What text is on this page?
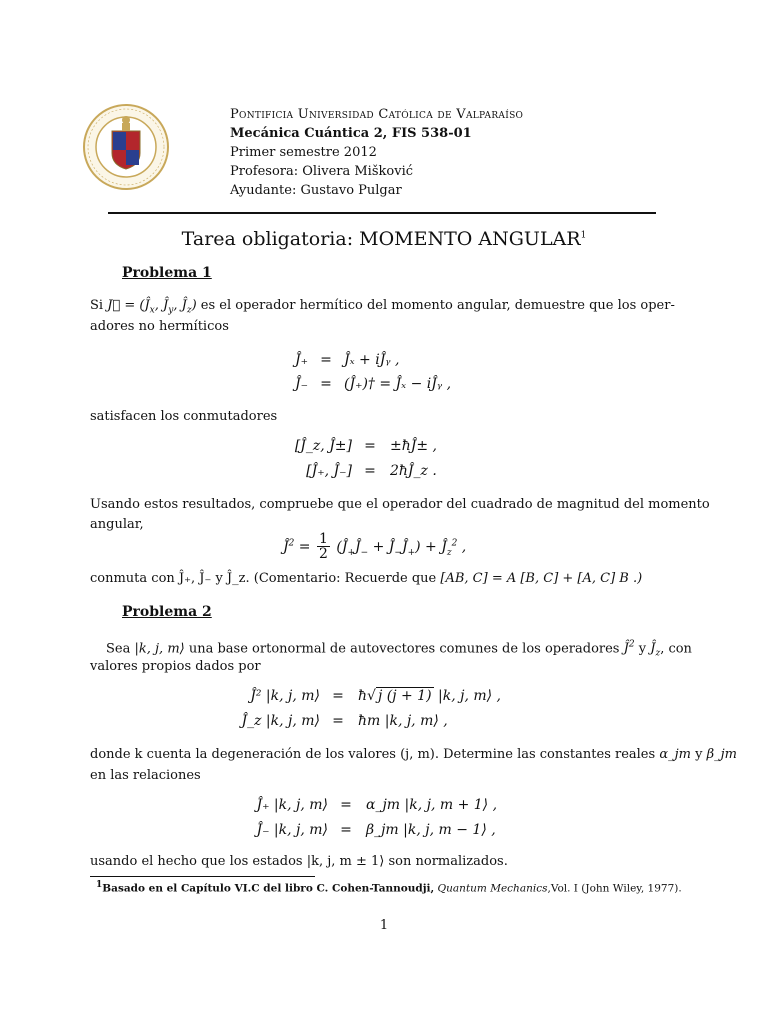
Pontificia Universidad Católica de Valparaíso
Mecánica Cuántica 2, FIS 538-01
Primer semestre 2012
Profesora: Olivera Mišković
Ayudante: Gustavo Pulgar
Tarea obligatoria: MOMENTO ANGULAR$^1$
Problema 1
Si J⃗ = ($Ĵ_x$, $Ĵ_y$, $Ĵ_z$) es el operador hermítico del momento angular, demuestre que los oper-
adores no hermíticos
Ĵ₊ = Ĵₓ + iĴᵧ ,
Ĵ₋ = (Ĵ₊)† = Ĵₓ − iĴᵧ ,
satisfacen los conmutadores
[Ĵ_z, Ĵ±] =	±ħĴ± ,
[Ĵ₊, Ĵ₋] =	2ħĴ_z .
Usando estos resultados, compruebe que el operador del cuadrado de magnitud del momento
angular,
$Ĵ^2 = \frac{1}{2}$ ($Ĵ_+Ĵ_-$ + $Ĵ_-Ĵ_+$) + $Ĵ_z^2$ ,
conmuta con Ĵ₊, Ĵ₋ y Ĵ_z. (Comentario: Recuerde que [AB, C] = A [B, C] + [A, C] B .)
Problema 2
Sea |k, j, m⟩ una base ortonormal de autovectores comunes de los operadores $Ĵ^2$ y $Ĵ_z$, con
valores propios dados por
Ĵ² |k, j, m⟩ =	ħ√ j (j + 1) |k, j, m⟩ ,
Ĵ_z |k, j, m⟩ =	ħm |k, j, m⟩ ,
donde k cuenta la degeneración de los valores (j, m). Determine las constantes reales α_jm y β_jm
en las relaciones
Ĵ₊ |k, j, m⟩ =	α_jm |k, j, m + 1⟩ ,
Ĵ₋ |k, j, m⟩ =	β_jm |k, j, m − 1⟩ ,
usando el hecho que los estados |k, j, m ± 1⟩ son normalizados.
$^1$Basado en el Capítulo VI.C del libro C. Cohen-Tannoudji, Quantum Mechanics,Vol. I (John Wiley, 1977).
1
